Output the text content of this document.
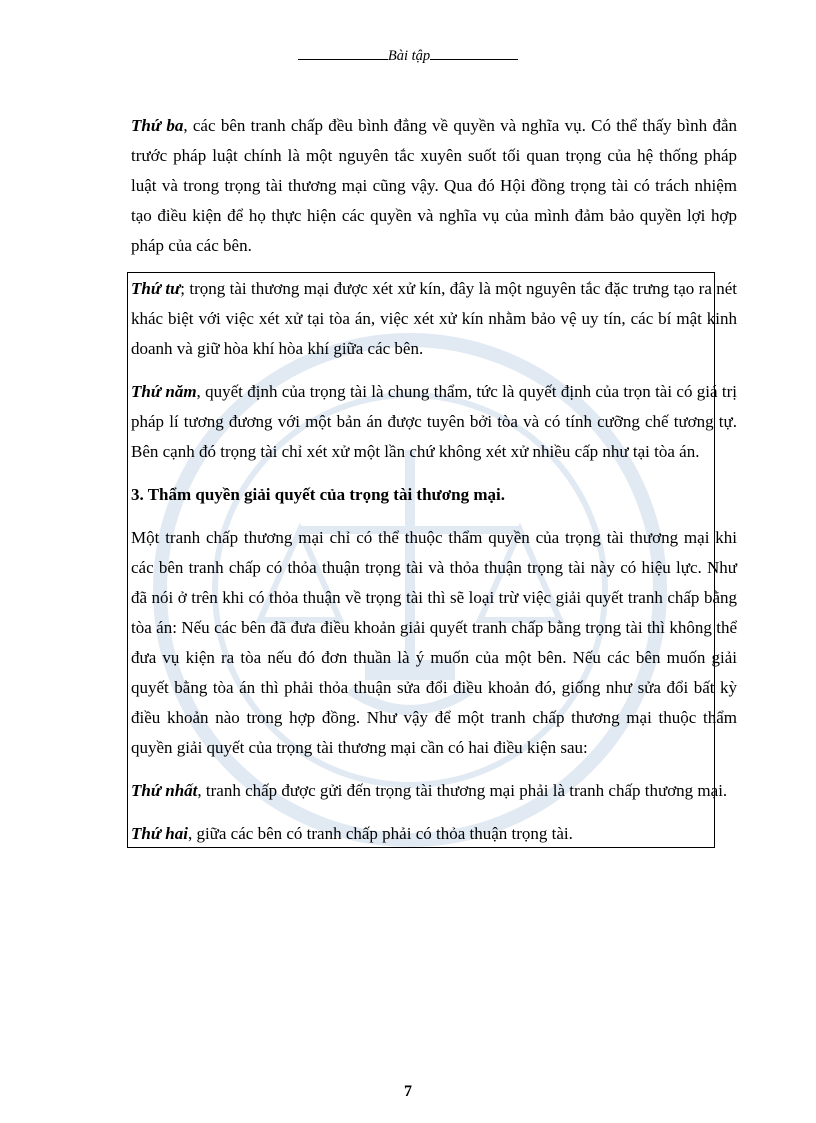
Bài tập

Thứ ba, các bên tranh chấp đều bình đẳng về quyền và nghĩa vụ. Có thể thấy bình đẳn trước pháp luật chính là một nguyên tắc xuyên suốt tối quan trọng của hệ thống pháp luật và trong trọng tài thương mại cũng vậy. Qua đó Hội đồng trọng tài có trách nhiệm tạo điều kiện để họ thực hiện các quyền và nghĩa vụ của mình đảm bảo quyền lợi hợp pháp của các bên.

Thứ tư; trọng tài thương mại được xét xử kín, đây là một nguyên tắc đặc trưng tạo ra nét khác biệt với việc xét xử tại tòa án, việc xét xử kín nhằm bảo vệ uy tín, các bí mật kinh doanh và giữ hòa khí hòa khí giữa các bên.

Thứ năm, quyết định của trọng tài là chung thẩm, tức là quyết định của trọn tài có giá trị pháp lí tương đương với một bản án được tuyên bởi tòa và có tính cưỡng chế tương tự. Bên cạnh đó trọng tài chỉ xét xử một lần chứ không xét xử nhiều cấp như tại tòa án.

3. Thẩm quyền giải quyết của trọng tài thương mại.

Một tranh chấp thương mại chỉ có thể thuộc thẩm quyền của trọng tài thương mại khi các bên tranh chấp có thỏa thuận trọng tài và thỏa thuận trọng tài này có hiệu lực. Như đã nói ở trên khi có thỏa thuận về trọng tài thì sẽ loại trừ việc giải quyết tranh chấp bằng tòa án: Nếu các bên đã đưa điều khoản giải quyết tranh chấp bằng trọng tài thì không thể đưa vụ kiện ra tòa nếu đó đơn thuần là ý muốn của một bên. Nếu các bên muốn giải quyết bằng tòa án thì phải thỏa thuận sửa đổi điều khoản đó, giống như sửa đổi bất kỳ điều khoản nào trong hợp đồng. Như vậy để một tranh chấp thương mại thuộc thẩm quyền giải quyết của trọng tài thương mại cần có hai điều kiện sau:

Thứ nhất, tranh chấp được gửi đến trọng tài thương mại phải là tranh chấp thương mại.

Thứ hai, giữa các bên có tranh chấp phải có thỏa thuận trọng tài.

7
